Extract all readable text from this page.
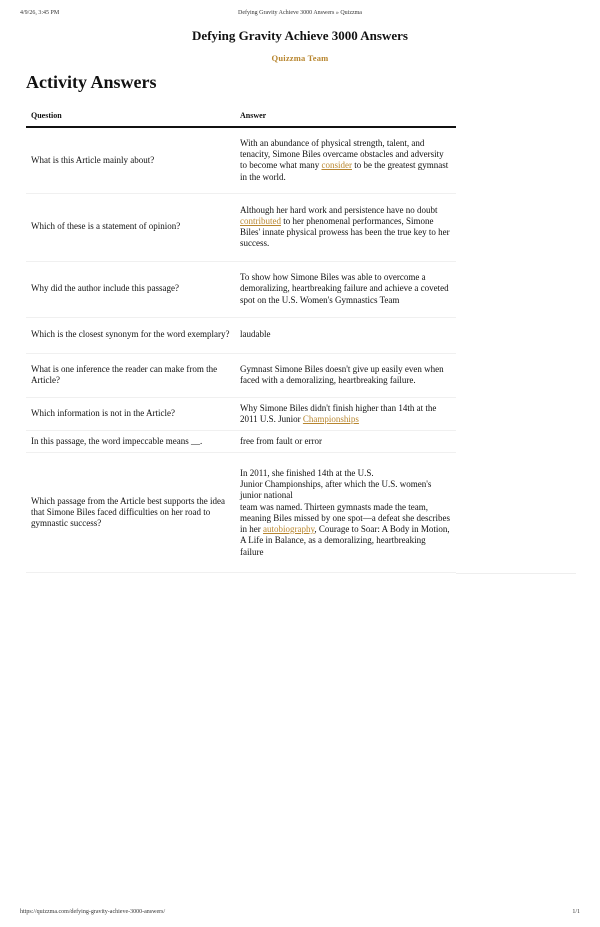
4/9/26, 3:45 PM	Defying Gravity Achieve 3000 Answers » Quizzma
Defying Gravity Achieve 3000 Answers
Quizzma Team
Activity Answers
Question	Answer
What is this Article mainly about?	With an abundance of physical strength, talent, and tenacity, Simone Biles overcame obstacles and adversity
to become what many consider to be the greatest gymnast in the world.

Which of these is a statement of opinion?	Although her hard work and persistence have no doubt contributed to her phenomenal performances, Simone
Biles' innate physical prowess has been the true key to her success.

Why did the author include this passage?	To show how Simone Biles was able to overcome a demoralizing, heartbreaking failure and achieve a coveted spot on the U.S. Women's Gymnastics Team
Which is the closest synonym for the word exemplary?	laudable
What is one inference the reader can make from the Article?	Gymnast Simone Biles doesn't give up easily even when faced with a demoralizing, heartbreaking failure.
Which information is not in the Article?	Why Simone Biles didn't finish higher than 14th at the 2011 U.S. Junior Championships
In this passage, the word impeccable means __.	free from fault or error
Which passage from the Article best supports the idea that Simone Biles faced difficulties on her road to gymnastic success?	In 2011, she finished 14th at the U.S.
Junior Championships, after which the U.S. women's junior national
team was named. Thirteen gymnasts made the team, meaning Biles missed by one spot—a defeat she describes
in her autobiography, Courage to Soar: A Body in Motion, A Life in Balance, as a demoralizing, heartbreaking
failure
https://quizzma.com/defying-gravity-achieve-3000-answers/	1/1
